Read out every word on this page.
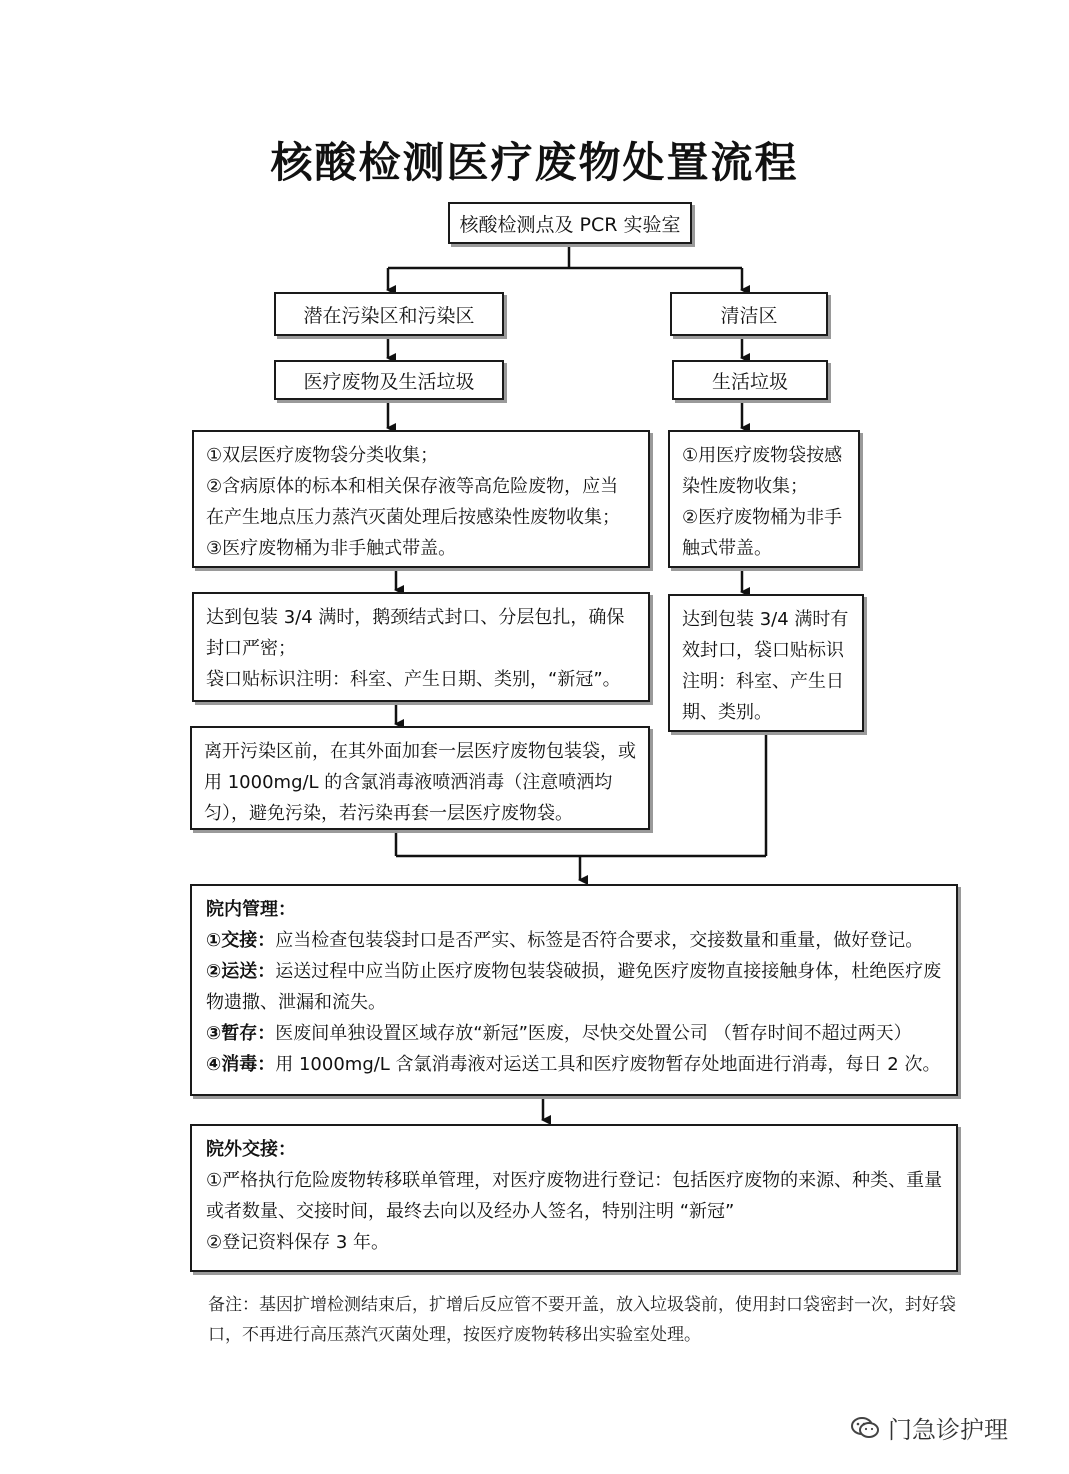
核酸检测医疗废物处置流程
核酸检测点及 PCR 实验室
潜在污染区和污染区	清洁区
医疗废物及生活垃圾	生活垃圾

①双层医疗废物袋分类收集；

②含病原体的标本和相关保存液等高危险废物，应当在产生地点压力蒸汽灭菌处理后按感染性废物收集；

③医疗废物桶为非手触式带盖。

①用医疗废物袋按感染性废物收集；

②医疗废物桶为非手触式带盖。

达到包装 3/4 满时，鹅颈结式封口、分层包扎，确保封口严密；

袋口贴标识注明：科室、产生日期、类别，“新冠”。

达到包装 3/4 满时有效封口，袋口贴标识注明：科室、产生日期、类别。

离开污染区前，在其外面加套一层医疗废物包装袋，或用 1000mg/L 的含氯消毒液喷洒消毒（注意喷洒均匀），避免污染，若污染再套一层医疗废物袋。

院内管理：

①交接：应当检查包装袋封口是否严实、标签是否符合要求，交接数量和重量，做好登记。

②运送：运送过程中应当防止医疗废物包装袋破损，避免医疗废物直接接触身体，杜绝医疗废物遗撒、泄漏和流失。

③暂存：医废间单独设置区域存放“新冠”医废，尽快交处置公司 （暂存时间不超过两天）

④消毒：用 1000mg/L 含氯消毒液对运送工具和医疗废物暂存处地面进行消毒，每日 2 次。

院外交接：

①严格执行危险废物转移联单管理，对医疗废物进行登记：包括医疗废物的来源、种类、重量或者数量、交接时间，最终去向以及经办人签名，特别注明 “新冠”

②登记资料保存 3 年。

备注：基因扩增检测结束后，扩增后反应管不要开盖，放入垃圾袋前，使用封口袋密封一次，封好袋口，不再进行高压蒸汽灭菌处理，按医疗废物转移出实验室处理。
门急诊护理
